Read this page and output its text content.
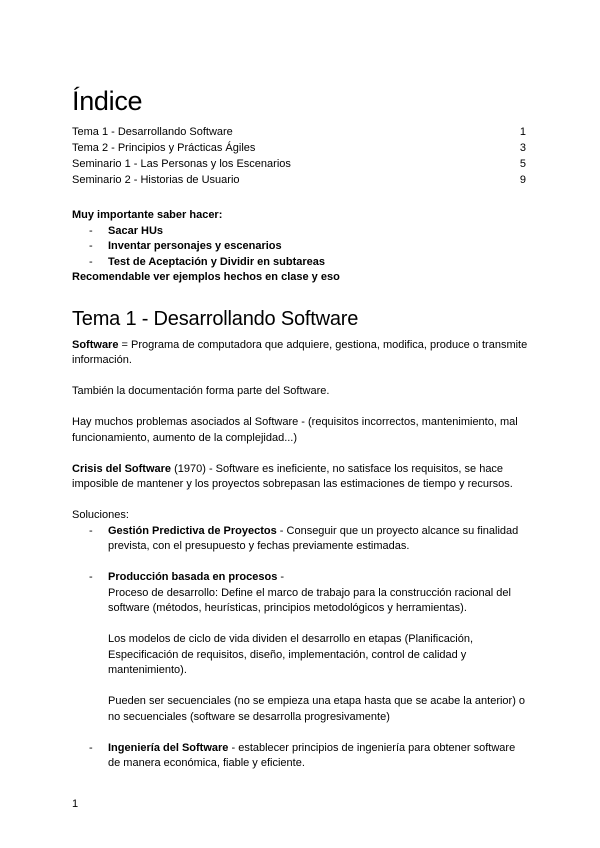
Índice
Tema 1 - Desarrollando Software	1
Tema 2 - Principios y Prácticas Ágiles	3
Seminario 1 - Las Personas y los Escenarios	5
Seminario 2 - Historias de Usuario	9
Muy importante saber hacer:
- Sacar HUs
- Inventar personajes y escenarios
- Test de Aceptación y Dividir en subtareas
Recomendable ver ejemplos hechos en clase y eso
Tema 1 - Desarrollando Software

Software = Programa de computadora que adquiere, gestiona, modifica, produce o transmite información.

También la documentación forma parte del Software.

Hay muchos problemas asociados al Software - (requisitos incorrectos, mantenimiento, mal funcionamiento, aumento de la complejidad...)

Crisis del Software (1970) - Software es ineficiente, no satisface los requisitos, se hace imposible de mantener y los proyectos sobrepasan las estimaciones de tiempo y recursos.

Soluciones:

- Gestión Predictiva de Proyectos - Conseguir que un proyecto alcance su finalidad prevista, con el presupuesto y fechas previamente estimadas.
- Producción basada en procesos -
Proceso de desarrollo: Define el marco de trabajo para la construcción racional del software (métodos, heurísticas, principios metodológicos y herramientas).
Los modelos de ciclo de vida dividen el desarrollo en etapas (Planificación, Especificación de requisitos, diseño, implementación, control de calidad y mantenimiento).
Pueden ser secuenciales (no se empieza una etapa hasta que se acabe la anterior) o no secuenciales (software se desarrolla progresivamente)
- Ingeniería del Software - establecer principios de ingeniería para obtener software de manera económica, fiable y eficiente.
1
